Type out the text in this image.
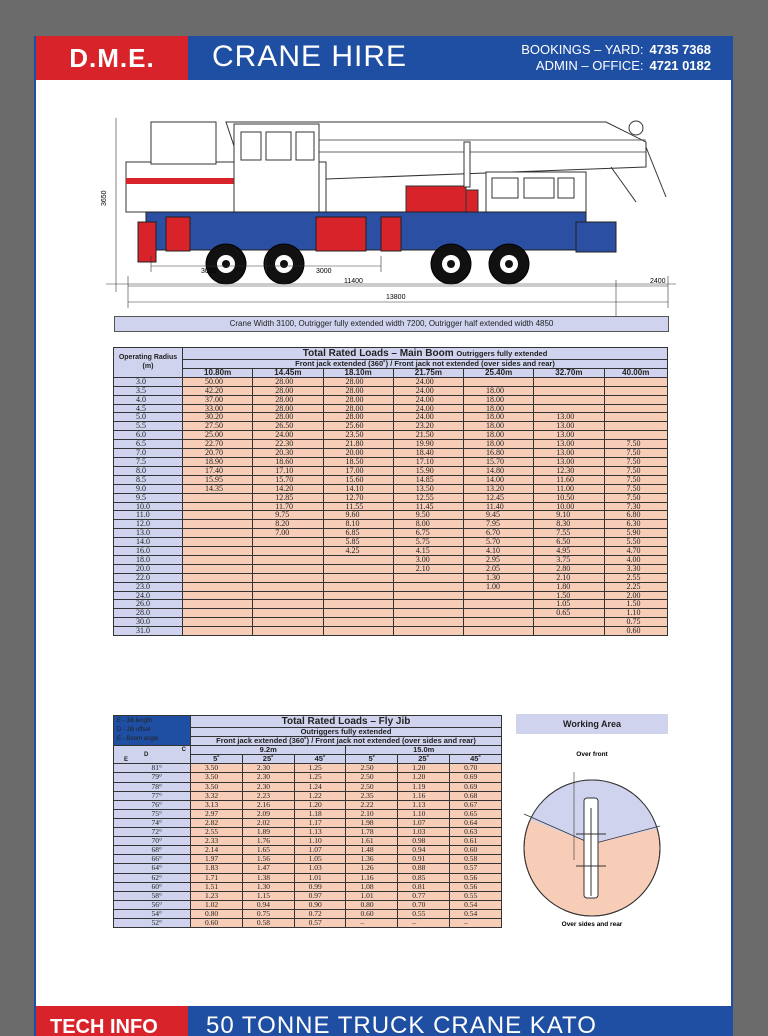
D.M.E.	CRANE HIRE	BOOKINGS – YARD: 4735 7368
ADMIN – OFFICE: 4721 0182
3650
3000	3000
11400	2400
13800
Crane Width 3100, Outrigger fully extended width 7200, Outrigger half extended width 4850
Operating Radius (m)	Total Rated Loads – Main Boom Outriggers fully extended						
	Front jack extended (360˚) / Front jack not extended (over sides and rear)						
	10.80m	14.45m	18.10m	21.75m	25.40m	32.70m	40.00m
3.0	50.00	28.00	28.00	24.00			
3.5	42.20	28.00	28.00	24.00	18.00		
4.0	37.00	28.00	28.00	24.00	18.00		
4.5	33.00	28.00	28.00	24.00	18.00		
5.0	30.20	28.00	28.00	24.00	18.00	13.00	
5.5	27.50	26.50	25.60	23.20	18.00	13.00	
6.0	25.00	24.00	23.50	21.50	18.00	13.00	
6.5	22.70	22.30	21.80	19.90	18.00	13.00	7.50
7.0	20.70	20.30	20.00	18.40	16.80	13.00	7.50
7.5	18.90	18.60	18.50	17.10	15.70	13.00	7.50
8.0	17.40	17.10	17.00	15.90	14.80	12.30	7.50
8.5	15.95	15.70	15.60	14.85	14.00	11.60	7.50
9.0	14.35	14.20	14.10	13.50	13.20	11.00	7.50
9.5		12.85	12.70	12.55	12.45	10.50	7.50
10.0		11.70	11.55	11.45	11.40	10.00	7.30
11.0		9.75	9.60	9.50	9.45	9.10	6.80
12.0		8.20	8.10	8.00	7.95	8.30	6.30
13.0		7.00	6.85	6.75	6.70	7.55	5.90
14.0			5.85	5.75	5.70	6.50	5.50
16.0			4.25	4.15	4.10	4.95	4.70
18.0				3.00	2.95	3.75	4.00
20.0				2.10	2.05	2.80	3.30
22.0					1.30	2.10	2.55
23.0					1.00	1.80	2.25
24.0						1.50	2.00
26.0						1.05	1.50
28.0						0.65	1.10
30.0							0.75
31.0							0.60
E - Jib length
D - Jib offset
E - Boom angle	Total Rated Loads – Fly Jib					
	Outriggers fully extended					
	Front jack extended (360˚) / Front jack not extended (over sides and rear)					

C
D
E	9.2m			15.0m		
	5˚	25˚	45˚	5˚	25˚	45˚
81°	3.50	2.30	1.25	2.50	1.20	0.70
79°	3.50	2.30	1.25	2.50	1.20	0.69
78°	3.50	2.30	1.24	2.50	1.19	0.69
77°	3.32	2.23	1.22	2.35	1.16	0.68
76°	3.13	2.16	1.20	2.22	1.13	0.67
75°	2.97	2.09	1.18	2.10	1.10	0.65
74°	2.82	2.02	1.17	1.98	1.07	0.64
72°	2.55	1.89	1.13	1.78	1.03	0.63
70°	2.33	1.76	1.10	1.61	0.98	0.61
68°	2.14	1.65	1.07	1.48	0.94	0.60
66°	1.97	1.56	1.05	1.36	0.91	0.58
64°	1.83	1.47	1.03	1.26	0.88	0.57
62°	1.71	1.38	1.01	1.16	0.85	0.56
60°	1.51	1.30	0.99	1.08	0.81	0.56
58°	1.23	1.15	0.97	1.01	0.77	0.55
56°	1.02	0.94	0.90	0.80	0.70	0.54
54°	0.80	0.75	0.72	0.60	0.55	0.54
52°	0.60	0.58	0.57	–	–	–
Working Area
Over front
Over sides and rear
TECH INFO	50 TONNE TRUCK CRANE KATO
